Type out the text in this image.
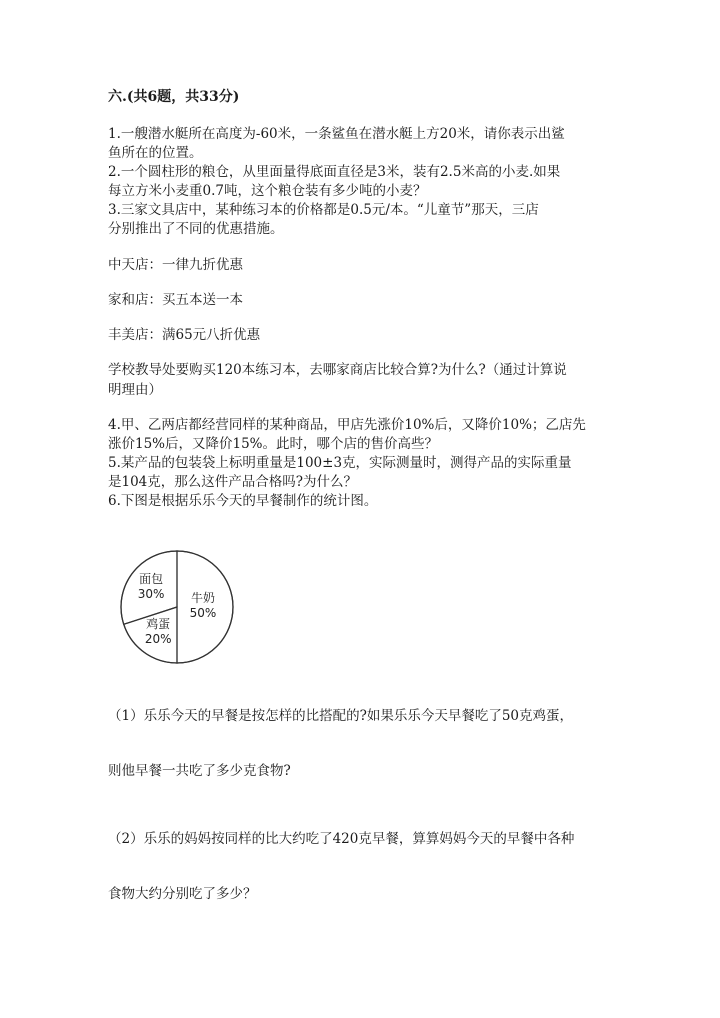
六.(共6题，共33分)
1.一艘潜水艇所在高度为-60米，一条鲨鱼在潜水艇上方20米，请你表示出鲨
鱼所在的位置。
2.一个圆柱形的粮仓，从里面量得底面直径是3米，装有2.5米高的小麦.如果
每立方米小麦重0.7吨，这个粮仓装有多少吨的小麦？
3.三家文具店中，某种练习本的价格都是0.5元/本。“儿童节”那天，三店
分别推出了不同的优惠措施。
中天店：一律九折优惠
家和店：买五本送一本
丰美店：满65元八折优惠
学校教导处要购买120本练习本，去哪家商店比较合算?为什么?（通过计算说
明理由）
4.甲、乙两店都经营同样的某种商品，甲店先涨价10%后，又降价10%；乙店先
涨价15%后，又降价15%。此时，哪个店的售价高些？
5.某产品的包装袋上标明重量是100±3克，实际测量时，测得产品的实际重量
是104克，那么这件产品合格吗?为什么？
6.下图是根据乐乐今天的早餐制作的统计图。
牛奶
50%
鸡蛋
20%
面包
30%
（1）乐乐今天的早餐是按怎样的比搭配的?如果乐乐今天早餐吃了50克鸡蛋，
则他早餐一共吃了多少克食物?
（2）乐乐的妈妈按同样的比大约吃了420克早餐，算算妈妈今天的早餐中各种
食物大约分别吃了多少？
